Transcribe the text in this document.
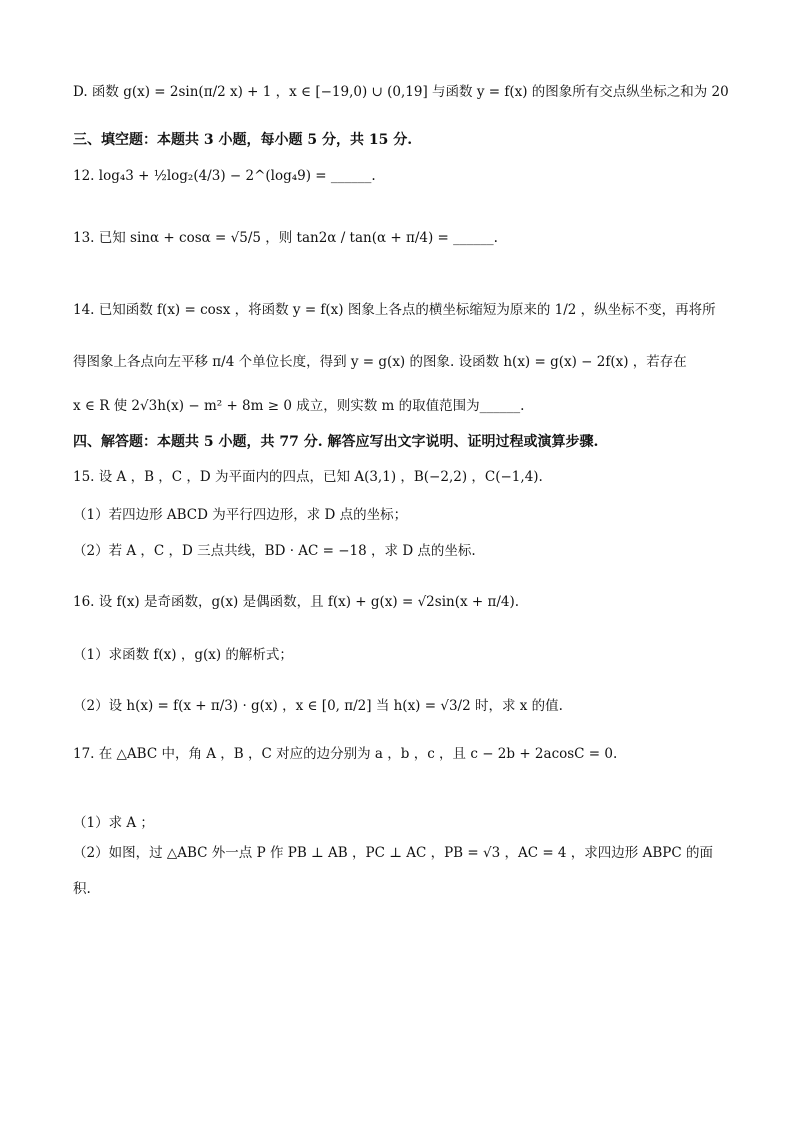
D. 函数 g(x) = 2sin(π/2 x) + 1 ，x ∈ [−19,0) ∪ (0,19] 与函数 y = f(x) 的图象所有交点纵坐标之和为 20
三、填空题：本题共 3 小题，每小题 5 分，共 15 分.
12. log₄3 + ½log₂(4/3) − 2^(log₄9) = ______.
13. 已知 sinα + cosα = √5/5 ，则 tan2α / tan(α + π/4) = ______.
14. 已知函数 f(x) = cosx ，将函数 y = f(x) 图象上各点的横坐标缩短为原来的 1/2 ，纵坐标不变，再将所
得图象上各点向左平移 π/4 个单位长度，得到 y = g(x) 的图象. 设函数 h(x) = g(x) − 2f(x) ，若存在
x ∈ R 使 2√3h(x) − m² + 8m ≥ 0 成立，则实数 m 的取值范围为______.
四、解答题：本题共 5 小题，共 77 分. 解答应写出文字说明、证明过程或演算步骤.
15. 设 A ，B ，C ，D 为平面内的四点，已知 A(3,1) ，B(−2,2) ，C(−1,4).
（1）若四边形 ABCD 为平行四边形，求 D 点的坐标；
（2）若 A ，C ，D 三点共线，BD · AC = −18 ，求 D 点的坐标.
16. 设 f(x) 是奇函数，g(x) 是偶函数，且 f(x) + g(x) = √2sin(x + π/4).
（1）求函数 f(x) ，g(x) 的解析式；
（2）设 h(x) = f(x + π/3) · g(x) ，x ∈ [0, π/2] 当 h(x) = √3/2 时，求 x 的值.
17. 在 △ABC 中，角 A ，B ，C 对应的边分别为 a ，b ，c ，且 c − 2b + 2acosC = 0.
（1）求 A ；
（2）如图，过 △ABC 外一点 P 作 PB ⊥ AB ，PC ⊥ AC ，PB = √3 ，AC = 4 ，求四边形 ABPC 的面
积.
